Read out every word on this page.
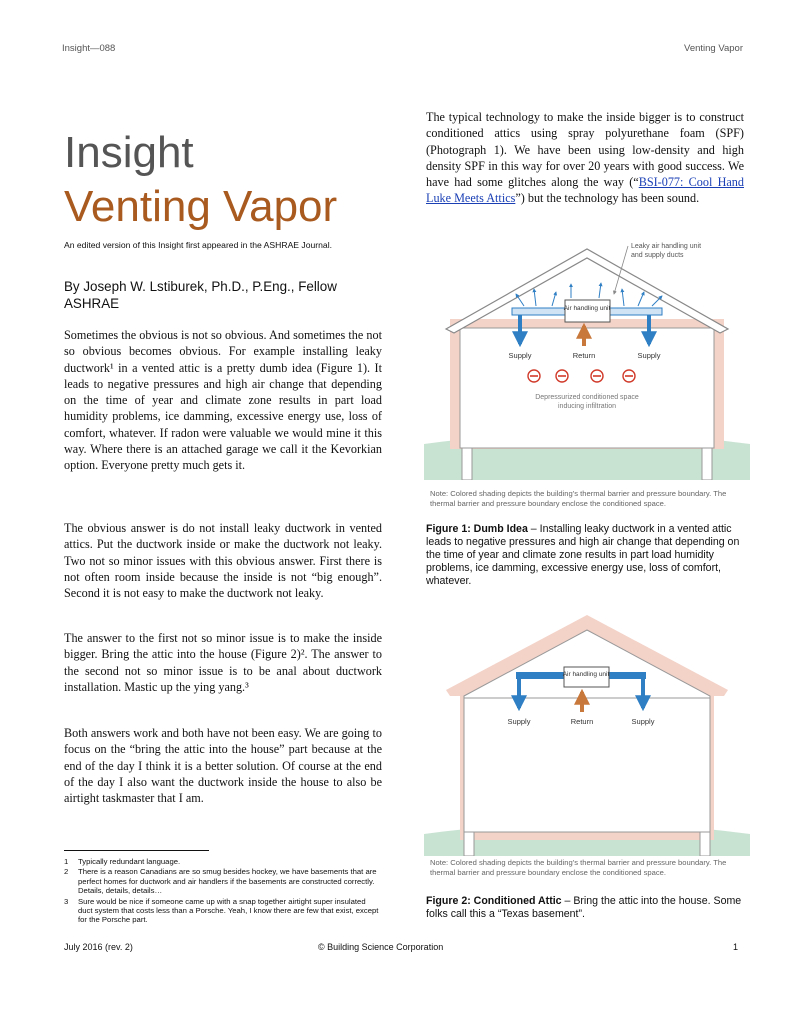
Insight—088	Venting Vapor
Insight
Venting Vapor
An edited version of this Insight first appeared in the ASHRAE Journal.
By Joseph W. Lstiburek, Ph.D., P.Eng., Fellow ASHRAE

Sometimes the obvious is not so obvious. And sometimes the not so obvious becomes obvious. For example installing leaky ductwork¹ in a vented attic is a pretty dumb idea (Figure 1). It leads to negative pressures and high air change that depending on the time of year and climate zone results in part load humidity problems, ice damming, excessive energy use, loss of comfort, whatever. If radon were valuable we would mine it this way. Where there is an attached garage we call it the Kevorkian option. Everyone pretty much gets it.

The obvious answer is do not install leaky ductwork in vented attics. Put the ductwork inside or make the ductwork not leaky. Two not so minor issues with this obvious answer. First there is not often room inside because the inside is not “big enough”. Second it is not easy to make the ductwork not leaky.

The answer to the first not so minor issue is to make the inside bigger. Bring the attic into the house (Figure 2)². The answer to the second not so minor issue is to be anal about ductwork installation. Mastic up the ying yang.³

Both answers work and both have not been easy. We are going to focus on the “bring the attic into the house” part because at the end of the day I think it is a better solution. Of course at the end of the day I also want the ductwork inside the house to also be airtight taskmaster that I am.

1	Typically redundant language.
2	There is a reason Canadians are so smug besides hockey, we have basements that are perfect homes for ductwork and air handlers if the basements are constructed correctly. Details, details, details…
3	Sure would be nice if someone came up with a snap together airtight super insulated duct system that costs less than a Porsche. Yeah, I know there are few that exist, except for the Porsche part.

The typical technology to make the inside bigger is to construct conditioned attics using spray polyurethane foam (SPF) (Photograph 1). We have been using low-density and high density SPF in this way for over 20 years with good success. We have had some glitches along the way (“BSI-077: Cool Hand Luke Meets Attics”) but the technology has been sound.

Air handling unit
Leaky air handling unit
and supply ducts
Supply	Return	Supply
Depressurized conditioned space
inducing infiltration
Note: Colored shading depicts the building’s thermal barrier and pressure boundary. The thermal barrier and pressure boundary enclose the conditioned space.
Figure 1: Dumb Idea – Installing leaky ductwork in a vented attic leads to negative pressures and high air change that depending on the time of year and climate zone results in part load humidity problems, ice damming, excessive energy use, loss of comfort, whatever.
Air handling unit
Supply	Return	Supply
Note: Colored shading depicts the building’s thermal barrier and pressure boundary. The thermal barrier and pressure boundary enclose the conditioned space.
Figure 2: Conditioned Attic – Bring the attic into the house. Some folks call this a “Texas basement”.
July 2016 (rev. 2)	© Building Science Corporation	1
